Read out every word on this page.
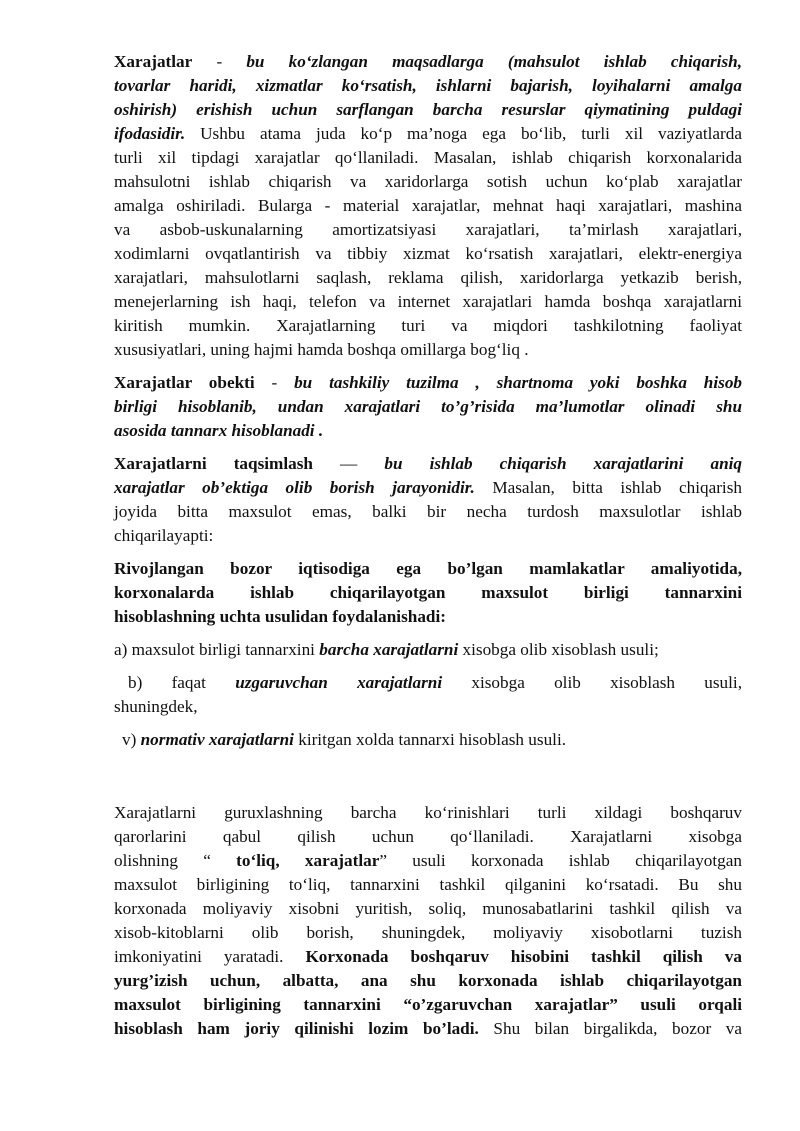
Xarajatlar - bu ko‘zlangan maqsadlarga (mahsulot ishlab chiqarish,
tovarlar haridi, xizmatlar ko‘rsatish, ishlarni bajarish, loyihalarni amalga
oshirish) erishish uchun sarflangan barcha resurslar qiymatining puldagi
ifodasidir. Ushbu atama juda ko‘p ma’noga ega bo‘lib, turli xil vaziyatlarda
turli xil tipdagi xarajatlar qo‘llaniladi. Masalan, ishlab chiqarish korxonalarida
mahsulotni ishlab chiqarish va xaridorlarga sotish uchun ko‘plab xarajatlar
amalga oshiriladi. Bularga - material xarajatlar, mehnat haqi xarajatlari, mashina
va asbob-uskunalarning amortizatsiyasi xarajatlari, ta’mirlash xarajatlari,
xodimlarni ovqatlantirish va tibbiy xizmat ko‘rsatish xarajatlari, elektr-energiya
xarajatlari, mahsulotlarni saqlash, reklama qilish, xaridorlarga yetkazib berish,
menejerlarning ish haqi, telefon va internet xarajatlari hamda boshqa xarajatlarni
kiritish mumkin. Xarajatlarning turi va miqdori tashkilotning faoliyat
xususiyatlari, uning hajmi hamda boshqa omillarga bog‘liq .

Xarajatlar obekti - bu tashkiliy tuzilma , shartnoma yoki boshka hisob
birligi hisoblanib, undan xarajatlari to’g’risida ma’lumotlar olinadi shu
asosida tannarx hisoblanadi .

Xarajatlarni taqsimlash — bu ishlab chiqarish xarajatlarini aniq
xarajatlar ob’ektiga olib borish jarayonidir. Masalan, bitta ishlab chiqarish
joyida bitta maxsulot emas, balki bir necha turdosh maxsulotlar ishlab
chiqarilayapti:

Rivojlangan bozor iqtisodiga ega bo’lgan mamlakatlar amaliyotida,
korxonalarda ishlab chiqarilayotgan maxsulot birligi tannarxini
hisoblashning uchta usulidan foydalanishadi:

a) maxsulot birligi tannarxini barcha xarajatlarni xisobga olib xisoblash usuli;

b) faqat uzgaruvchan xarajatlarni xisobga olib xisoblash usuli,
shuningdek,

v) normativ xarajatlarni kiritgan xolda tannarxi hisoblash usuli.

Xarajatlarni guruxlashning barcha ko‘rinishlari turli xildagi boshqaruv
qarorlarini qabul qilish uchun qo‘llaniladi. Xarajatlarni xisobga
olishning “ to‘liq, xarajatlar” usuli korxonada ishlab chiqarilayotgan
maxsulot birligining to‘liq, tannarxini tashkil qilganini ko‘rsatadi. Bu shu
korxonada moliyaviy xisobni yuritish, soliq, munosabatlarini tashkil qilish va
xisob-kitoblarni olib borish, shuningdek, moliyaviy xisobotlarni tuzish
imkoniyatini yaratadi. Korxonada boshqaruv hisobini tashkil qilish va
yurg’izish uchun, albatta, ana shu korxonada ishlab chiqarilayotgan
maxsulot birligining tannarxini “o’zgaruvchan xarajatlar” usuli orqali
hisoblash ham joriy qilinishi lozim bo’ladi. Shu bilan birgalikda, bozor va
